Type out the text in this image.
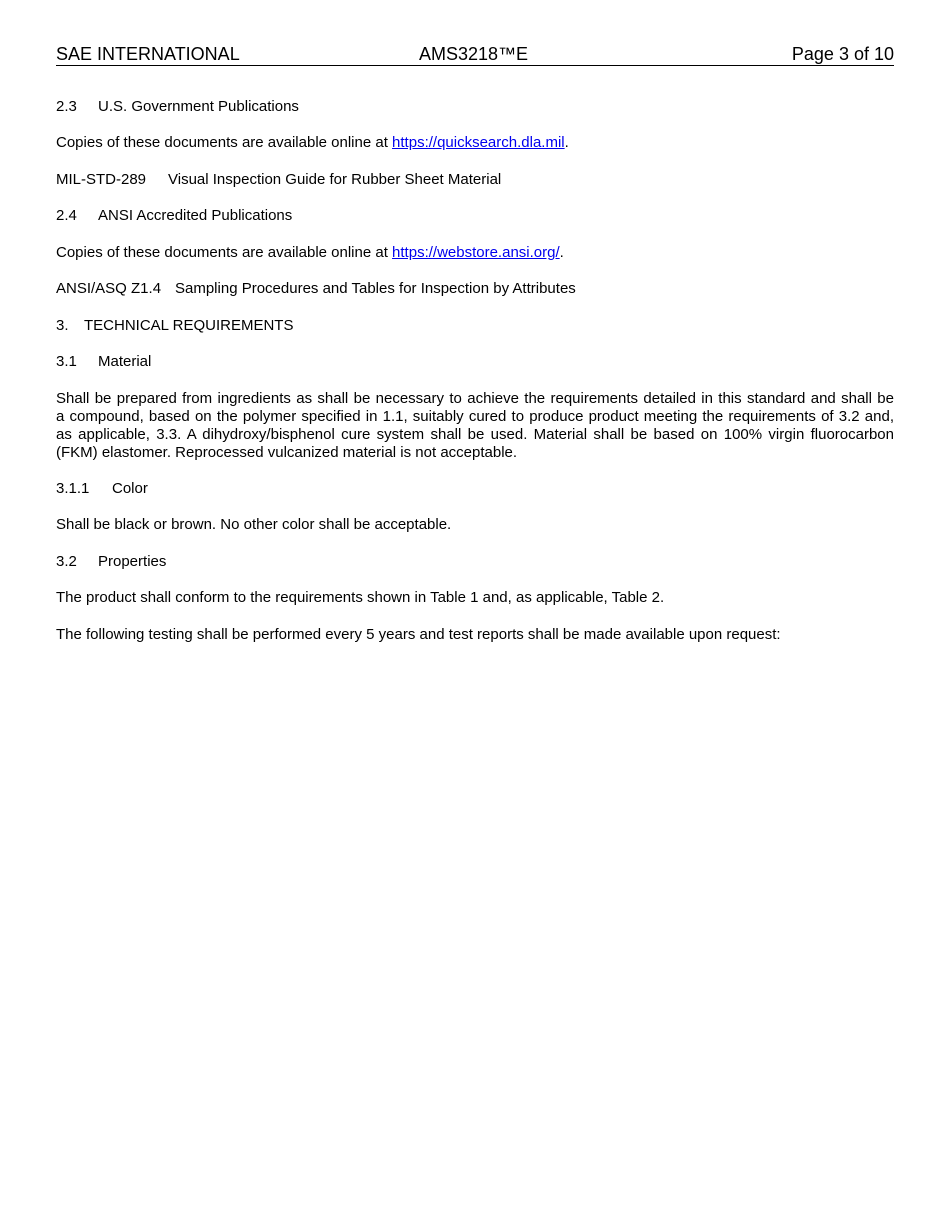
SAE INTERNATIONAL	AMS3218™E	Page 3 of 10
2.3 U.S. Government Publications
Copies of these documents are available online at https://quicksearch.dla.mil.
MIL-STD-289 Visual Inspection Guide for Rubber Sheet Material
2.4 ANSI Accredited Publications
Copies of these documents are available online at https://webstore.ansi.org/.
ANSI/ASQ Z1.4 Sampling Procedures and Tables for Inspection by Attributes
3. TECHNICAL REQUIREMENTS
3.1 Material
Shall be prepared from ingredients as shall be necessary to achieve the requirements detailed in this standard and shall be
a compound, based on the polymer specified in 1.1, suitably cured to produce product meeting the requirements of 3.2 and,
as applicable, 3.3. A dihydroxy/bisphenol cure system shall be used. Material shall be based on 100% virgin fluorocarbon
(FKM) elastomer. Reprocessed vulcanized material is not acceptable.
3.1.1 Color
Shall be black or brown. No other color shall be acceptable.
3.2 Properties
The product shall conform to the requirements shown in Table 1 and, as applicable, Table 2.
The following testing shall be performed every 5 years and test reports shall be made available upon request:
